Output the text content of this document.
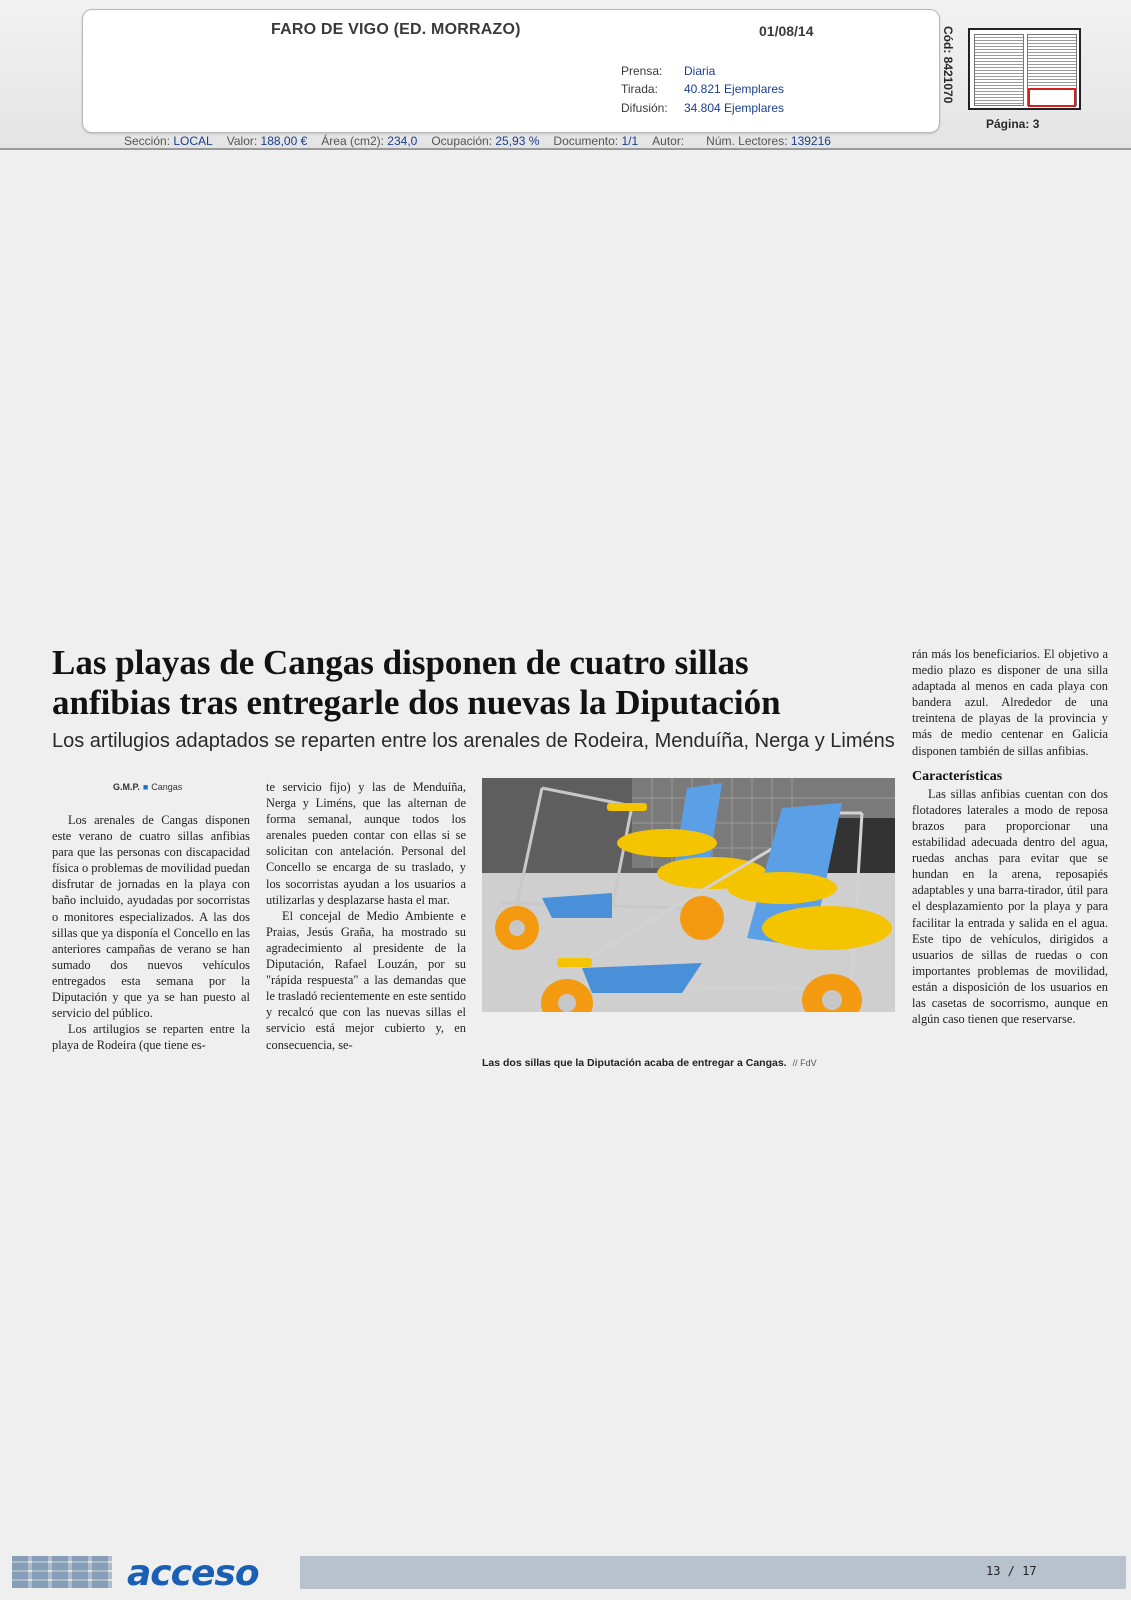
FARO DE VIGO (ED. MORRAZO)	01/08/14
Prensa: Diaria
Tirada: 40.821 Ejemplares
Difusión: 34.804 Ejemplares
Cód: 8421070
Página: 3
Sección: LOCAL Valor: 188,00 € Área (cm2): 234,0 Ocupación: 25,93 % Documento: 1/1 Autor: Núm. Lectores: 139216
Las playas de Cangas disponen de cuatro sillas
anfibias tras entregarle dos nuevas la Diputación
Los artilugios adaptados se reparten entre los arenales de Rodeira, Menduíña, Nerga y Liméns
G.M.P. ■ Cangas

Los arenales de Cangas disponen este verano de cuatro sillas anfibias para que las personas con discapacidad física o problemas de movilidad puedan disfrutar de jornadas en la playa con baño incluido, ayudadas por socorristas o monitores especializados. A las dos sillas que ya disponía el Concello en las anteriores campañas de verano se han sumado dos nuevos vehículos entregados esta semana por la Diputación y que ya se han puesto al servicio del público.

Los artilugios se reparten entre la playa de Rodeira (que tiene es-

te servicio fijo) y las de Menduíña, Nerga y Liméns, que las alternan de forma semanal, aunque todos los arenales pueden contar con ellas si se solicitan con antelación. Personal del Concello se encarga de su traslado, y los socorristas ayudan a los usuarios a utilizarlas y desplazarse hasta el mar.

El concejal de Medio Ambiente e Praias, Jesús Graña, ha mostrado su agradecimiento al presidente de la Diputación, Rafael Louzán, por su "rápida respuesta" a las demandas que le trasladó recientemente en este sentido y recalcó que con las nuevas sillas el servicio está mejor cubierto y, en consecuencia, se-

Las dos sillas que la Diputación acaba de entregar a Cangas. // FdV

rán más los beneficiarios. El objetivo a medio plazo es disponer de una silla adaptada al menos en cada playa con bandera azul. Alrededor de una treintena de playas de la provincia y más de medio centenar en Galicia disponen también de sillas anfibias.

Características

Las sillas anfibias cuentan con dos flotadores laterales a modo de reposa brazos para proporcionar una estabilidad adecuada dentro del agua, ruedas anchas para evitar que se hundan en la arena, reposapiés adaptables y una barra-tirador, útil para el desplazamiento por la playa y para facilitar la entrada y salida en el agua. Este tipo de vehículos, dirigidos a usuarios de sillas de ruedas o con importantes problemas de movilidad, están a disposición de los usuarios en las casetas de socorrismo, aunque en algún caso tienen que reservarse.

acceso	13 / 17
